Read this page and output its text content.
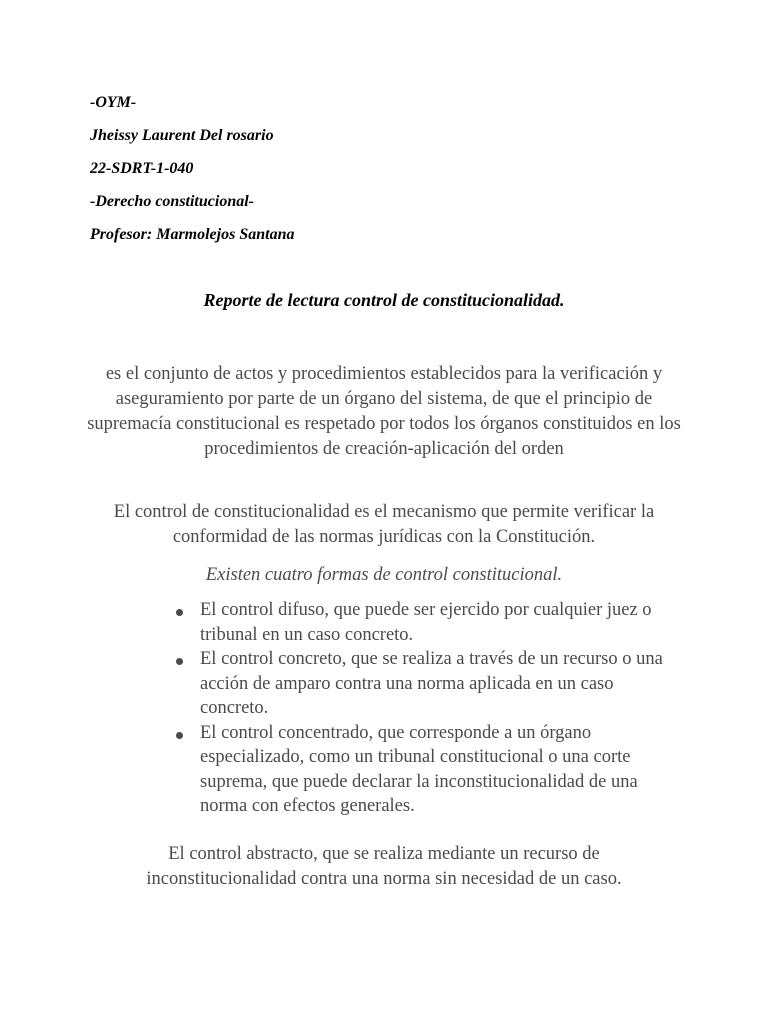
-OYM-
Jheissy Laurent Del rosario
22-SDRT-1-040
-Derecho constitucional-
Profesor: Marmolejos Santana
Reporte de lectura control de constitucionalidad.
es el conjunto de actos y procedimientos establecidos para la verificación y aseguramiento por parte de un órgano del sistema, de que el principio de supremacía constitucional es respetado por todos los órganos constituidos en los procedimientos de creación-aplicación del orden
El control de constitucionalidad es el mecanismo que permite verificar la conformidad de las normas jurídicas con la Constitución.
Existen cuatro formas de control constitucional.
El control difuso, que puede ser ejercido por cualquier juez o tribunal en un caso concreto.
El control concreto, que se realiza a través de un recurso o una acción de amparo contra una norma aplicada en un caso concreto.
El control concentrado, que corresponde a un órgano especializado, como un tribunal constitucional o una corte suprema, que puede declarar la inconstitucionalidad de una norma con efectos generales.
El control abstracto, que se realiza mediante un recurso de inconstitucionalidad contra una norma sin necesidad de un caso.
